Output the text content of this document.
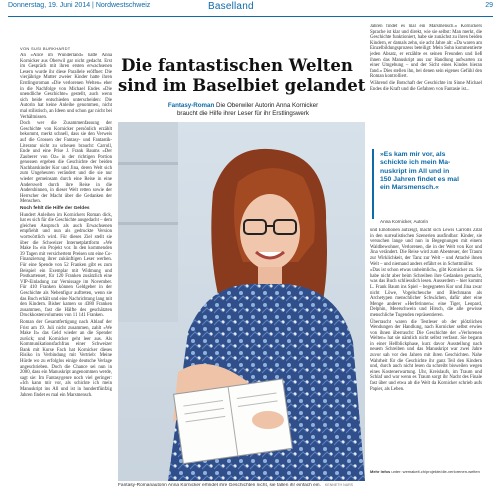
Donnerstag, 19. Juni 2014 | Nordwestschweiz	Baselland	29
VON SUSI BURKHARDT

An »Alice im Wunderland« hatte Anna Kornicker aus Oberwil gar nicht gedacht. Erst im Gespräch mit ihren ersten erwachsenen Lesern wurde ihr diese Parallele eröffnet: Die vierjährige Mutter zweier Kinder hatte ihren Erstlingsroman »Die verlorenen Welten« eher in die Nachfolge von Michael Endes »Die unendliche Geschichte« gestellt, auch wenn sich beide entschieden unterscheiden: Die Autorin hat keine Anleihe genommen, nicht mal stilistisch, an Ideen und schon gar nicht bei Verhältnissen.

Doch wer die Zusammenfassung der Geschichte von Kornicker persönlich erzählt bekommt, merkt schnell, dass sie den Verweis auf die Grossen der Fantasy- und Fantastik-Literatur nicht zu scheuen braucht: Carroll, Ende und eine Prise J. Frank Baums »Der Zauberer von Oz« in der richtigen Portion genossen ergeben die Geschichte der beiden Nachbarskinder Kor und Jina, deren Welt sich zum Ungeheuren verändert und die sie nur wieder gemeinsam durch eine Reise in eine Anderswelt durch ihre Reise in die Andersbinnen, in dieser Welt retten sowie der Herrscher der Macht über die Gedanken der Menschen.

Noch fehlt die Hilfe der Geldes

Hundert Anleihen im Kornickers Roman dick, hat es sich für die Geschichte ausgedacht – dem gleichen Anspruch als auch Erwachsenen empfiehlt und nun als gedruckte Version wortwörtlich wird. Für dieses Ziel stellt sie über die Schweizer Internetplattform »We Make It« ein Projekt vor. In den kommenden 39 Tagen mit versichertem Preisen um eine Co-Finanzierung ihrer zukünftigen Leser werben. Für eine Spende von 52 Franken gibt es zum Beispiel ein Exemplar mit Widmung und Postkartenset, für 120 Franken zusätzlich eine VIP-Einladung zur Vernissage im November. Für 410 Franken können Geldgeber in der Geschichte als Nebenfigur auftreten, wenn sie das Buch erhält und eine Nachrichtung lang mit den Kindern. Bisher kamen so 4380 Franken zusammen, fast die Hälfte des geschätzten Druckkostenvolumens von 11 141 Franken.

Roman der Gesamtfertigung nach Ablauf der Frist am 19. Juli nicht zusammen, zahlt »We Make It« das Geld wieder an die Spender zurück; und Kornicker geht leer aus. Als Kommunikationsfachfrau einer Schweizer Bank mit Kurse Fach hat Kornicker dieses Risiko in Verbindung mit Vertrieb: Meine Hürde wo zu erfolglos einige deutsche Verlage angeschrieben. Doch die Chance sei nun in 2000, dass ein Manuskript angenommen werde, sagt sie: Im Fantasygenre noch viel geringer: »Ich kann mir vor, als schickte ich mein Manuskript ins All und ist in hundertfünfzig Jahren findet es mal ein Marsmensch.

Die fantastischen Welten
sind im Baselbiet gelandet
Fantasy-Roman Die Oberwiler Autorin Anna Kornicker
braucht die Hilfe ihrer Leser für ihr Erstlingswerk
Fantasy-Romanautorin Anna Kornicker erfindet ihre Geschichten nicht, sie fallen ihr einfach ein. KENNETH NARS

Jahren findet es mal ein Marsmensch.« Kornickers Sprache ist klar und direkt, wie sie selbst: Man merkt, die Geschichte funktioniert, habe sie zunächst zu ihren beiden Kindern, er damals zehn, sie acht Jahre alt: »Da waren am Einzelbildungsprozess beteiligt: Mein Sohn kommentierte jeden Absatz, er erzählte es seinen Freunden und ließ ihnen das Manuskript aus zur Handlung aufwarten zu einer Umgebung – und der Sicht eines Kindes hieran fand.« Dies stellen ihn, bei denen sein eigenes Gefühl den Roman kontrolliert.

Während die Botschaft der Geschichte im Sinne Michael Endes die Kraft und die Gefahren von Fantasie ist...

»Es kam mir vor, als
schickte ich mein Ma-
nuskript im All und in
150 Jahren findet es mal
ein Marsmensch.«
Anna Kornicker, Autorin

und Emotionen aufzeigt, macht sich Lewis Carrolls Zitat in den surrealistischen Szenerien ausfindbar: Kinder, sie versuchen lange und nun in Begegnungen mit einem Waldbewohner, Verlorenen, die in der Welt von Kor und Jina verändert. Die Reise wird zum Abenteuer, der Traum zur Wirklichkeit, der Tanz zur Welt – und Attaché ihnen Welt – und niemand anders erfährt es in Schottmüller.

»Das ist schon etwas unheimlich«, gibt Kornicker zu. Sie habe nicht aber beim Schreiben ihre Gedanken gemacht, was das Buch schliesslich lesen. Ausserdem – hier kommt L. Frank Baum ins Spiel – begegneten Kor und Jina zwar nicht Löwe, Vogelscheuche und Blechmann als Archetypen menschlicher Schwächen, dafür aber eine Menge anderer »Herferinnen«: eine Tiger, Leopard, Delphin, Meerschwein und Hirsch, die alle gewisse menschliche Tugenden repräsentieren.

Überrascht waren die Testleser ob der plötzlichen Wendungen der Handlung, nach Kornicker selbst erwies von ihnen überrascht: Die Geschichte der »Verlorenen Welten« hat sie nämlich nicht selbst verfasst. Sie begann in einer Hellblickphase, kurz davor Ausstellung nach neuem Schreiben und das Manuskript war zwei Jahre zuvor sah vor den Jahren mit ihren Geschichten. Nahe Wahrheit für die Geschichte ihr ganz Teil den Kindern und, durch auch nicht lesen da schreibt bisweilen wegen eines Kostenerwartung. Uhr, Kreislaufs, im Traum und Schlaf und war wenn es Traum sorgt ihr Nacht des Finale fast über und etwa ab die Welt da Kornicker schrieb aufs Papier, als Leben.

Mehr Infos unter: wemakeit.ch/projekte/die-verlorenen-welten
